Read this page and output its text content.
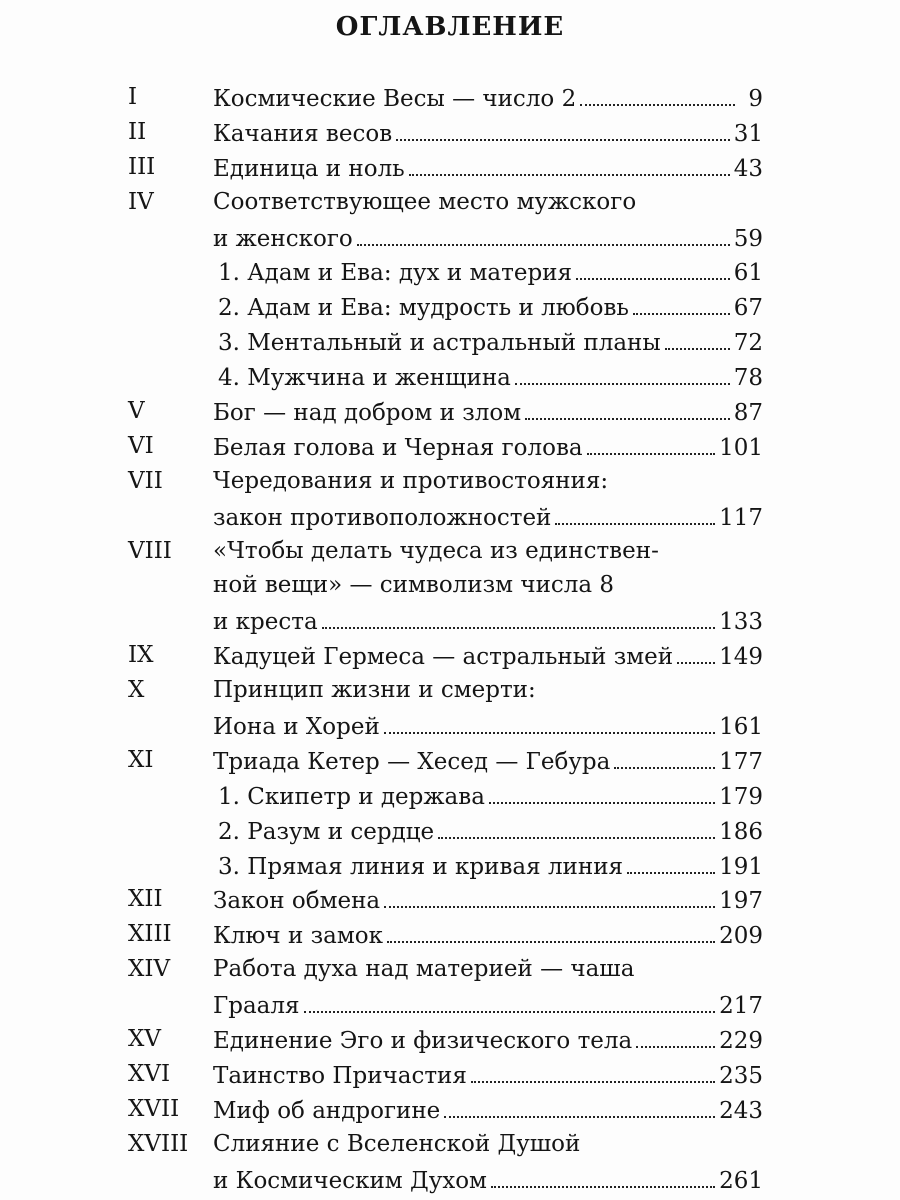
ОГЛАВЛЕНИЕ
I	Космические Весы — число 2	9
II	Качания весов	31
III	Единица и ноль	43
IV	Соответствующее место мужского
и женского	59
1. Адам и Ева: дух и материя	61
2. Адам и Ева: мудрость и любовь	67
3. Ментальный и астральный планы	72
4. Мужчина и женщина	78
V	Бог — над добром и злом	87
VI	Белая голова и Черная голова	101
VII	Чередования и противостояния:
закон противоположностей	117
VIII	«Чтобы делать чудеса из единствен-
ной вещи» — символизм числа 8
и креста	133
IX	Кадуцей Гермеса — астральный змей 149
X	Принцип жизни и смерти:
Иона и Хорей	161
XI	Триада Кетер — Хесед — Гебура	177
1. Скипетр и держава	179
2. Разум и сердце	186
3. Прямая линия и кривая линия	191
XII	Закон обмена	197
XIII	Ключ и замок	209
XIV	Работа духа над материей — чаша
Грааля	217
XV	Единение Эго и физического тела	229
XVI	Таинство Причастия	235
XVII	Миф об андрогине	243
XVIII	Слияние с Вселенской Душой
и Космическим Духом	261
